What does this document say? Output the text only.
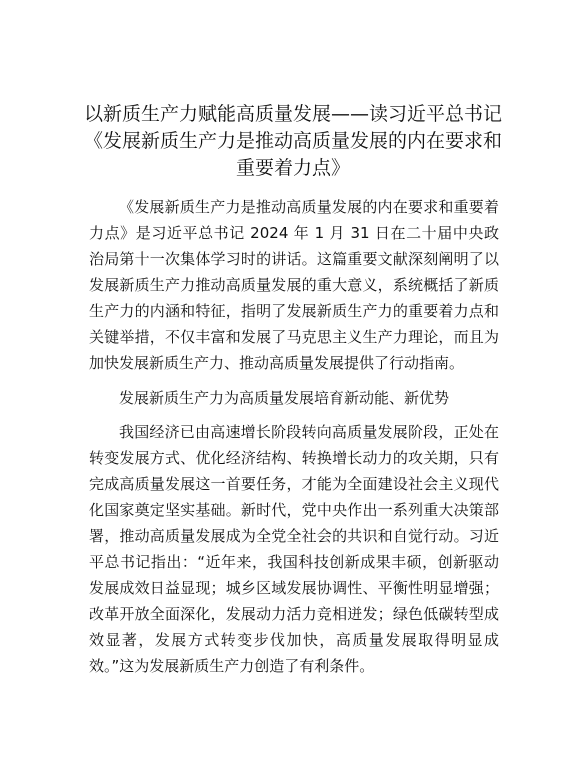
以新质生产力赋能高质量发展——读习近平总书记《发展新质生产力是推动高质量发展的内在要求和重要着力点》

《发展新质生产力是推动高质量发展的内在要求和重要着力点》是习近平总书记 2024 年 1 月 31 日在二十届中央政治局第十一次集体学习时的讲话。这篇重要文献深刻阐明了以发展新质生产力推动高质量发展的重大意义，系统概括了新质生产力的内涵和特征，指明了发展新质生产力的重要着力点和关键举措，不仅丰富和发展了马克思主义生产力理论，而且为加快发展新质生产力、推动高质量发展提供了行动指南。

发展新质生产力为高质量发展培育新动能、新优势

我国经济已由高速增长阶段转向高质量发展阶段，正处在转变发展方式、优化经济结构、转换增长动力的攻关期，只有完成高质量发展这一首要任务，才能为全面建设社会主义现代化国家奠定坚实基础。新时代，党中央作出一系列重大决策部署，推动高质量发展成为全党全社会的共识和自觉行动。习近平总书记指出：“近年来，我国科技创新成果丰硕，创新驱动发展成效日益显现；城乡区域发展协调性、平衡性明显增强；改革开放全面深化，发展动力活力竞相迸发；绿色低碳转型成效显著，发展方式转变步伐加快，高质量发展取得明显成效。”这为发展新质生产力创造了有利条件。
